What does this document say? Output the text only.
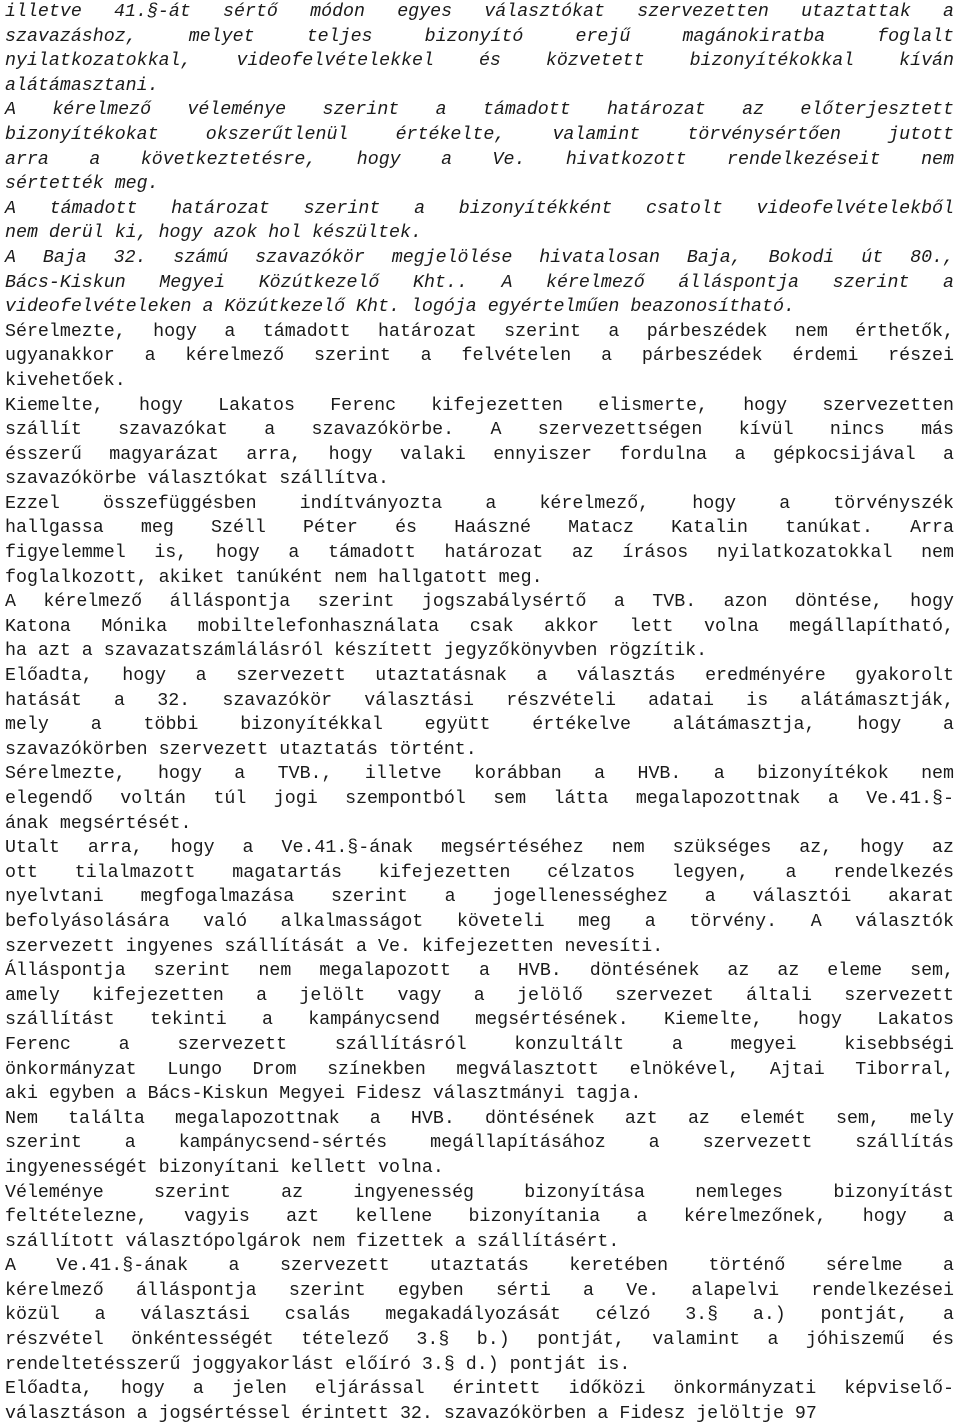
illetve 41.§-át sértő módon egyes választókat szervezetten utaztattak a
szavazáshoz, melyet teljes bizonyító erejű magánokiratba foglalt
nyilatkozatokkal, videofelvételekkel és közvetett bizonyítékokkal kíván
alátámasztani.

A kérelmező véleménye szerint a támadott határozat az előterjesztett
bizonyítékokat okszerűtlenül értékelte, valamint törvénysértően jutott
arra a következtetésre, hogy a Ve. hivatkozott rendelkezéseit nem
sértették meg.

A támadott határozat szerint a bizonyítékként csatolt videofelvételekből
nem derül ki, hogy azok hol készültek.

A Baja 32. számú szavazókör megjelölése hivatalosan Baja, Bokodi út 80.,
Bács-Kiskun Megyei Közútkezelő Kht.. A kérelmező álláspontja szerint a
videofelvételeken a Közútkezelő Kht. logója egyértelműen beazonosítható.

Sérelmezte, hogy a támadott határozat szerint a párbeszédek nem érthetők,
ugyanakkor a kérelmező szerint a felvételen a párbeszédek érdemi részei
kivehetőek.

Kiemelte, hogy Lakatos Ferenc kifejezetten elismerte, hogy szervezetten
szállít szavazókat a szavazókörbe. A szervezettségen kívül nincs más
ésszerű magyarázat arra, hogy valaki ennyiszer fordulna a gépkocsijával a
szavazókörbe választókat szállítva.

Ezzel összefüggésben indítványozta a kérelmező, hogy a törvényszék
hallgassa meg Széll Péter és Haászné Matacz Katalin tanúkat. Arra
figyelemmel is, hogy a támadott határozat az írásos nyilatkozatokkal nem
foglalkozott, akiket tanúként nem hallgatott meg.

A kérelmező álláspontja szerint jogszabálysértő a TVB. azon döntése, hogy
Katona Mónika mobiltelefonhasználata csak akkor lett volna megállapítható,
ha azt a szavazatszámlálásról készített jegyzőkönyvben rögzítik.

Előadta, hogy a szervezett utaztatásnak a választás eredményére gyakorolt
hatását a 32. szavazókör választási részvételi adatai is alátámasztják,
mely a többi bizonyítékkal együtt értékelve alátámasztja, hogy a
szavazókörben szervezett utaztatás történt.

Sérelmezte, hogy a TVB., illetve korábban a HVB. a bizonyítékok nem
elegendő voltán túl jogi szempontból sem látta megalapozottnak a Ve.41.§-
ának megsértését.

Utalt arra, hogy a Ve.41.§-ának megsértéséhez nem szükséges az, hogy az
ott tilalmazott magatartás kifejezetten célzatos legyen, a rendelkezés
nyelvtani megfogalmazása szerint a jogellenességhez a választói akarat
befolyásolására való alkalmasságot követeli meg a törvény. A választók
szervezett ingyenes szállítását a Ve. kifejezetten nevesíti.

Álláspontja szerint nem megalapozott a HVB. döntésének az az eleme sem,
amely kifejezetten a jelölt vagy a jelölő szervezet általi szervezett
szállítást tekinti a kampánycsend megsértésének. Kiemelte, hogy Lakatos
Ferenc a szervezett szállításról konzultált a megyei kisebbségi
önkormányzat Lungo Drom színekben megválasztott elnökével, Ajtai Tiborral,
aki egyben a Bács-Kiskun Megyei Fidesz választmányi tagja.

Nem találta megalapozottnak a HVB. döntésének azt az elemét sem, mely
szerint a kampánycsend-sértés megállapításához a szervezett szállítás
ingyenességét bizonyítani kellett volna.

Véleménye szerint az ingyenesség bizonyítása nemleges bizonyítást
feltételezne, vagyis azt kellene bizonyítania a kérelmezőnek, hogy a
szállított választópolgárok nem fizettek a szállításért.

A Ve.41.§-ának a szervezett utaztatás keretében történő sérelme a
kérelmező álláspontja szerint egyben sérti a Ve. alapelvi rendelkezései
közül a választási csalás megakadályozását célzó 3.§ a.) pontját, a
részvétel önkéntességét tételező 3.§ b.) pontját, valamint a jóhiszemű és
rendeltetésszerű joggyakorlást előíró 3.§ d.) pontját is.

Előadta, hogy a jelen eljárással érintett időközi önkormányzati képviselő-
választáson a jogsértéssel érintett 32. szavazókörben a Fidesz jelöltje 97
